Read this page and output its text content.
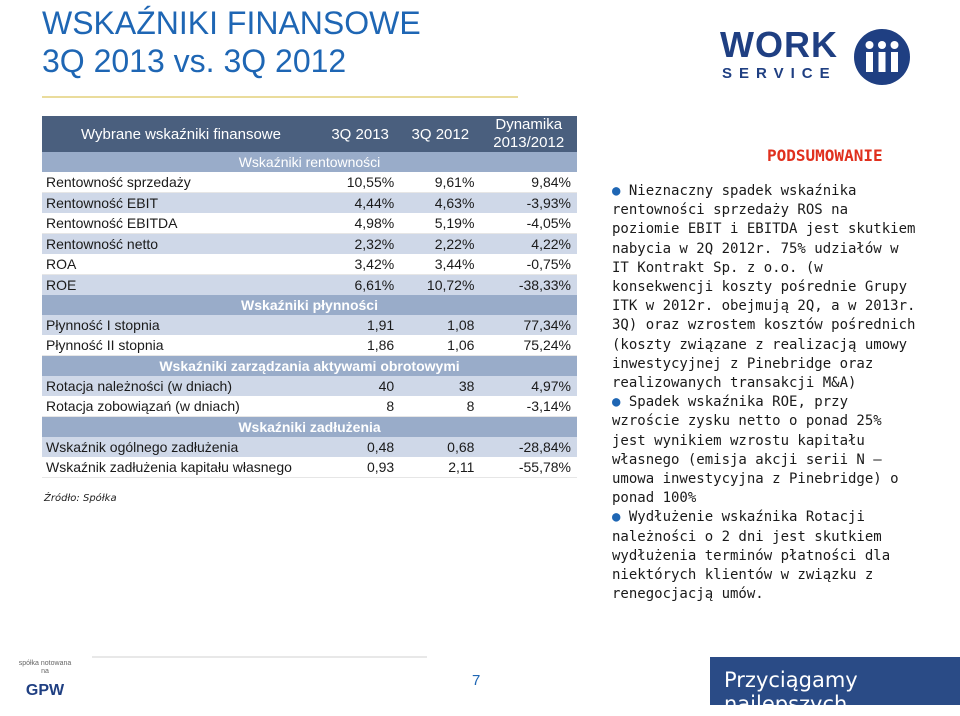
WSKAŹNIKI FINANSOWE
3Q 2013 vs. 3Q 2012	WORK
SERVICE
Wybrane wskaźniki finansowe	3Q 2013	3Q 2012	Dynamika
2013/2012

Wskaźniki rentowności			
Rentowność sprzedaży	10,55%	9,61%	9,84%
Rentowność EBIT	4,44%	4,63%	-3,93%
Rentowność EBITDA	4,98%	5,19%	-4,05%
Rentowność netto	2,32%	2,22%	4,22%
ROA	3,42%	3,44%	-0,75%
ROE	6,61%	10,72%	-38,33%
Wskaźniki płynności			
Płynność I stopnia	1,91	1,08	77,34%
Płynność II stopnia	1,86	1,06	75,24%
Wskaźniki zarządzania aktywami obrotowymi			
Rotacja należności (w dniach)	40	38	4,97%
Rotacja zobowiązań (w dniach)	8	8	-3,14%
Wskaźniki zadłużenia			
Wskaźnik ogólnego zadłużenia	0,48	0,68	-28,84%
Wskaźnik zadłużenia kapitału własnego	0,93	2,11	-55,78%
Źródło: Spółka
PODSUMOWANIE

● Nieznaczny spadek wskaźnika rentowności sprzedaży ROS na poziomie EBIT i EBITDA jest skutkiem nabycia w 2Q 2012r. 75% udziałów w IT Kontrakt Sp. z o.o. (w konsekwencji koszty pośrednie Grupy ITK w 2012r. obejmują 2Q, a w 2013r. 3Q) oraz wzrostem kosztów pośrednich (koszty związane z realizacją umowy inwestycyjnej z Pinebridge oraz realizowanych transakcji M&A)

● Spadek wskaźnika ROE, przy wzroście zysku netto o ponad 25% jest wynikiem wzrostu kapitału własnego (emisja akcji serii N – umowa inwestycyjna z Pinebridge) o ponad 100%

● Wydłużenie wskaźnika Rotacji należności o 2 dni jest skutkiem wydłużenia terminów płatności dla niektórych klientów w związku z renegocjacją umów.

spółka notowana na
GPW
7	Przyciągamy najlepszych
